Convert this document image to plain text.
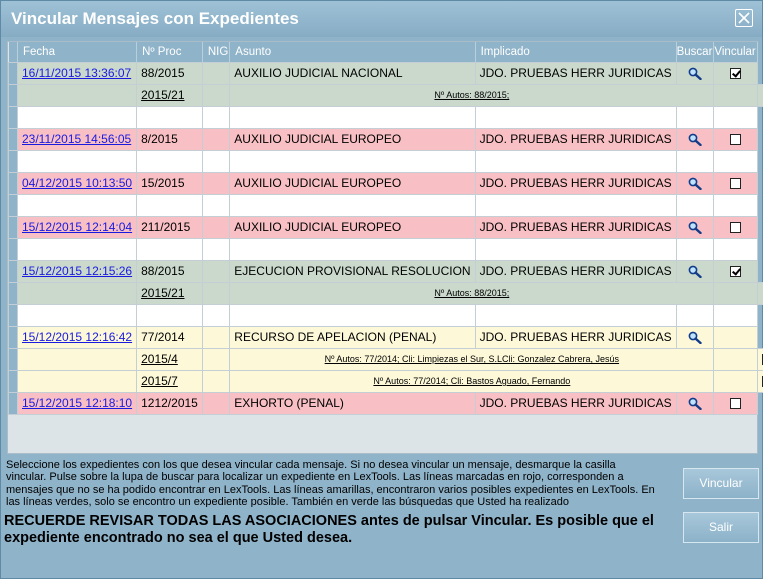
Vincular Mensajes con Expedientes
	Fecha	Nº Proc	NIG	Asunto	Implicado	Buscar	Vincular	

	16/11/2015 13:36:07	88/2015		AUXILIO JUDICIAL NACIONAL	JDO. PRUEBAS HERR JURIDICAS		
		2015/21		Nº Autos: 88/2015;				

	23/11/2015 14:56:05	8/2015		AUXILIO JUDICIAL EUROPEO	JDO. PRUEBAS HERR JURIDICAS		

	04/12/2015 10:13:50	15/2015		AUXILIO JUDICIAL EUROPEO	JDO. PRUEBAS HERR JURIDICAS		

	15/12/2015 12:14:04	211/2015		AUXILIO JUDICIAL EUROPEO	JDO. PRUEBAS HERR JURIDICAS		

	15/12/2015 12:15:26	88/2015		EJECUCION PROVISIONAL RESOLUCION	JDO. PRUEBAS HERR JURIDICAS		
		2015/21		Nº Autos: 88/2015;				

	15/12/2015 12:16:42	77/2014		RECURSO DE APELACION (PENAL)	JDO. PRUEBAS HERR JURIDICAS		
		2015/4		Nº Autos: 77/2014; Cli: Limpiezas el Sur, S.LCli: Gonzalez Cabrera, Jesús				
		2015/7		Nº Autos: 77/2014; Cli: Bastos Aguado, Fernando				
	15/12/2015 12:18:10	1212/2015		EXHORTO (PENAL)	JDO. PRUEBAS HERR JURIDICAS		
Seleccione los expedientes con los que desea vincular cada mensaje. Si no desea vincular un mensaje, desmarque la casilla vincular. Pulse sobre la lupa de buscar para localizar un expediente en LexTools. Las líneas marcadas en rojo, corresponden a mensajes que no se ha podido encontrar en LexTools. Las líneas amarillas, encontraron varios posibles expedientes en LexTools. En las líneas verdes, solo se encontro un expediente posible. También en verde las búsquedas que Usted ha realizado
RECUERDE REVISAR TODAS LAS ASOCIACIONES antes de pulsar Vincular. Es posible que el expediente encontrado no sea el que Usted desea.
Vincular
Salir
